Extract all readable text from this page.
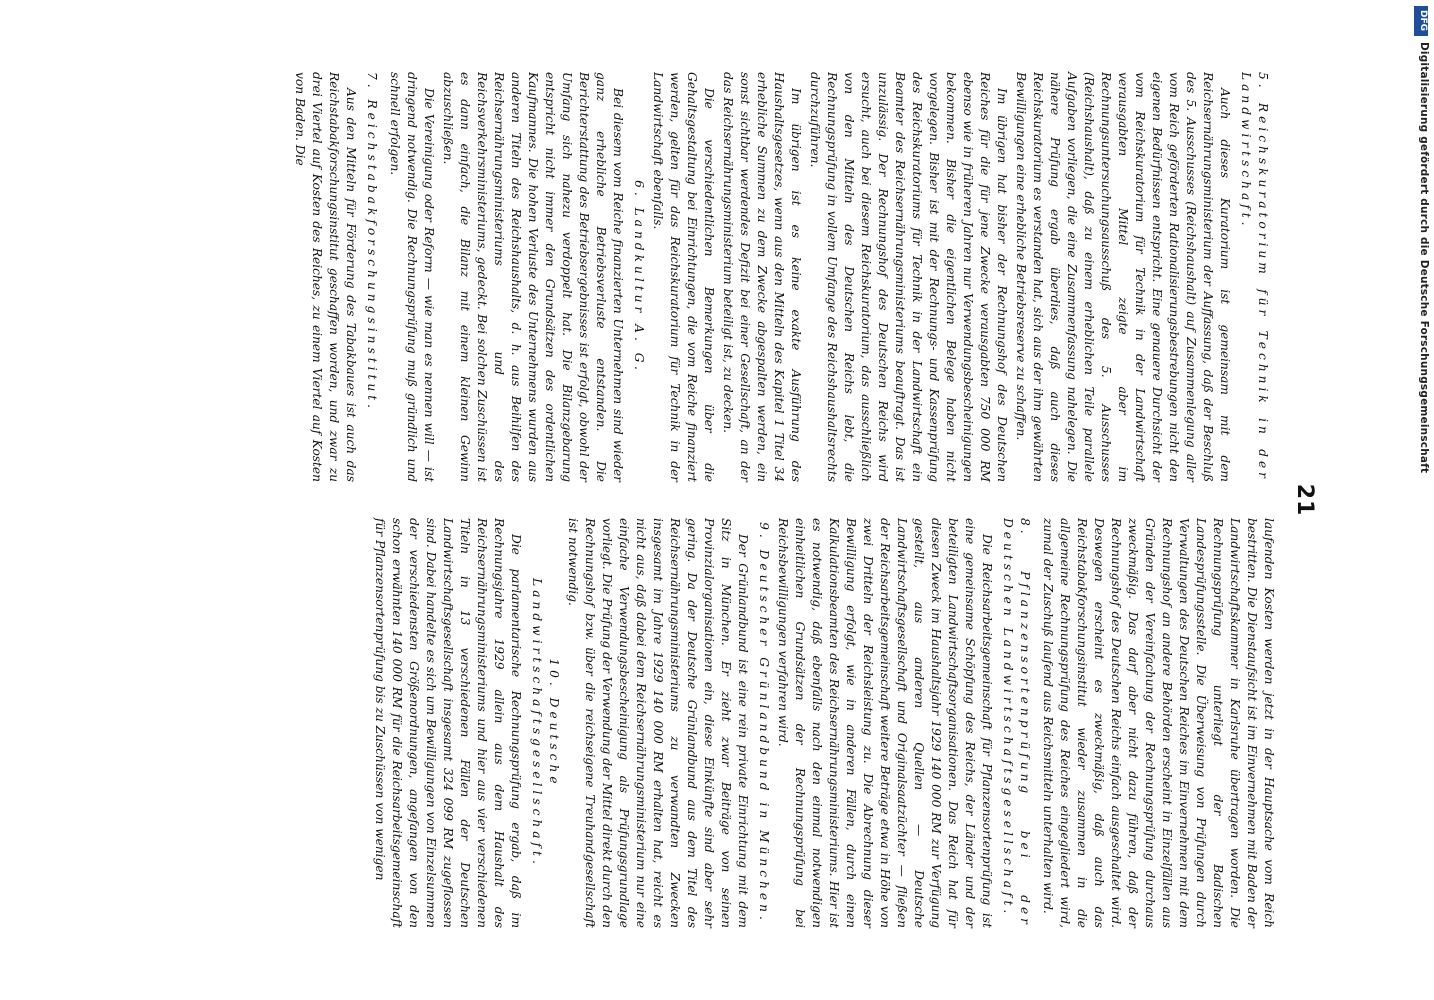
DFG
Digitalisierung gefördert durch die Deutsche Forschungsgemeinschaft
21
5. Reichskuratorium für Technik in der Landwirtschaft.

Auch dieses Kuratorium ist gemeinsam mit dem Reichsernährungsministerium der Auffassung, daß der Beschluß des 5. Ausschusses (Reichshaushalt) auf Zusammenlegung aller vom Reich geförderten Rationalisierungsbestrebungen nicht den eigenen Bedürfnissen entspricht. Eine genauere Durchsicht der vom Reichskuratorium für Technik in der Landwirtschaft verausgabten Mittel zeigte aber im Rechnungsuntersuchungsausschuß des 5. Ausschusses (Reichshaushalt), daß zu einem erheblichen Teile parallele Aufgaben vorliegen, die eine Zusammenfassung nahelegen. Die nähere Prüfung ergab überdies, daß auch dieses Reichskuratorium es verstanden hat, sich aus der ihm gewährten Bewilligungen eine erhebliche Betriebsreserve zu schaffen.

Im übrigen hat bisher der Rechnungshof des Deutschen Reiches für die für jene Zwecke verausgabten 750 000 RM ebenso wie in früheren Jahren nur Verwendungsbescheinigungen bekommen. Bisher die eigentlichen Belege haben nicht vorgelegen. Bisher ist mit der Rechnungs- und Kassenprüfung des Reichskuratoriums für Technik in der Landwirtschaft ein Beamter des Reichsernährungsministeriums beauftragt. Das ist unzulässig. Der Rechnungshof des Deutschen Reichs wird ersucht, auch bei diesem Reichskuratorium, das ausschließlich von den Mitteln des Deutschen Reichs lebt, die Rechnungsprüfung in vollem Umfange des Reichshaushaltsrechts durchzuführen.

Im übrigen ist es keine exakte Ausführung des Haushaltsgesetzes, wenn aus den Mitteln des Kapitel 1 Titel 34 erhebliche Summen zu dem Zwecke abgespalten werden, ein sonst sichtbar werdendes Defizit bei einer Gesellschaft, an der das Reichsernährungsministerium beteiligt ist, zu decken.

Die verschiedentlichen Bemerkungen über die Gehaltsgestaltung bei Einrichtungen, die vom Reiche finanziert werden, gelten für das Reichskuratorium für Technik in der Landwirtschaft ebenfalls.

6. Landkultur A. G.

Bei diesem vom Reiche finanzierten Unternehmen sind wieder ganz erhebliche Betriebsverluste entstanden. Die Berichterstattung des Betriebsergebnisses ist erfolgt, obwohl der Umfang sich nahezu verdoppelt hat. Die Bilanzgebarung entspricht nicht immer den Grundsätzen des ordentlichen Kaufmannes. Die hohen Verluste des Unternehmens wurden aus anderen Titeln des Reichshaushalts, d. h. aus Beihilfen des Reichsernährungsministeriums und des Reichsverkehrsministeriums, gedeckt. Bei solchen Zuschüssen ist es dann einfach, die Bilanz mit einem kleinen Gewinn abzuschließen.

Die Vereinigung oder Reform — wie man es nennen will — ist dringend notwendig. Die Rechnungsprüfung muß gründlich und schnell erfolgen.

7. Reichstabakforschungsinstitut.

Aus den Mitteln für Förderung des Tabakbaues ist auch das Reichstabakforschungsinstitut geschaffen worden, und zwar zu drei Viertel auf Kosten des Reiches, zu einem Viertel auf Kosten von Baden. Die

laufenden Kosten werden jetzt in der Hauptsache vom Reich bestritten. Die Dienstaufsicht ist im Einvernehmen mit Baden der Landwirtschaftskammer in Karlsruhe übertragen worden. Die Rechnungsprüfung unterliegt der Badischen Landesprüfungsstelle. Die Überweisung von Prüfungen durch Verwaltungen des Deutschen Reiches im Einvernehmen mit dem Rechnungshof an andere Behörden erscheint in Einzelfällen aus Gründen der Vereinfachung der Rechnungsprüfung durchaus zweckmäßig. Das darf aber nicht dazu führen, daß der Rechnungshof des Deutschen Reichs einfach ausgeschaltet wird. Deswegen erscheint es zweckmäßig, daß auch das Reichstabakforschungsinstitut wieder zusammen in die allgemeine Rechnungsprüfung des Reiches eingegliedert wird, zumal der Zuschuß laufend aus Reichsmitteln unterhalten wird.

8. Pflanzensortenprüfung bei der Deutschen Landwirtschaftsgesellschaft.

Die Reichsarbeitsgemeinschaft für Pflanzensortenprüfung ist eine gemeinsame Schöpfung des Reichs, der Länder und der beteiligten Landwirtschaftsorganisationen. Das Reich hat für diesen Zweck im Haushaltsjahr 1929 140 000 RM zur Verfügung gestellt, aus anderen Quellen — Deutsche Landwirtschaftsgesellschaft und Originalsaatzüchter — fließen der Reichsarbeitsgemeinschaft weitere Beträge etwa in Höhe von zwei Dritteln der Reichsleistung zu. Die Abrechnung dieser Bewilligung erfolgt, wie in anderen Fällen, durch einen Kalkulationsbeamten des Reichsernährungsministeriums. Hier ist es notwendig, daß ebenfalls nach den einmal notwendigen einheitlichen Grundsätzen der Rechnungsprüfung bei Reichsbewilligungen verfahren wird.

9. Deutscher Grünlandbund in München.

Der Grünlandbund ist eine rein private Einrichtung mit dem Sitz in München. Er zieht zwar Beiträge von seinen Provinzialorganisationen ein, diese Einkünfte sind aber sehr gering. Da der Deutsche Grünlandbund aus dem Titel des Reichsernährungsministeriums zu verwandten Zwecken insgesamt im Jahre 1929 140 000 RM erhalten hat, reicht es nicht aus, daß dabei dem Reichsernährungsministerium nur eine einfache Verwendungsbescheinigung als Prüfungsgrundlage vorliegt. Die Prüfung der Verwendung der Mittel direkt durch den Rechnungshof bzw. über die reichseigene Treuhandgesellschaft ist notwendig.

10. Deutsche Landwirtschaftsgesellschaft.

Die parlamentarische Rechnungsprüfung ergab, daß im Rechnungsjahre 1929 allein aus dem Haushalt des Reichsernährungsministeriums und hier aus vier verschiedenen Titeln in 13 verschiedenen Fällen der Deutschen Landwirtschaftsgesellschaft insgesamt 324 099 RM zugeflossen sind. Dabei handelte es sich um Bewilligungen von Einzelsummen der verschiedensten Größenordnungen, angefangen von den schon erwähnten 140 000 RM für die Reichsarbeitsgemeinschaft für Pflanzensortenprüfung bis zu Zuschüssen von wenigen
